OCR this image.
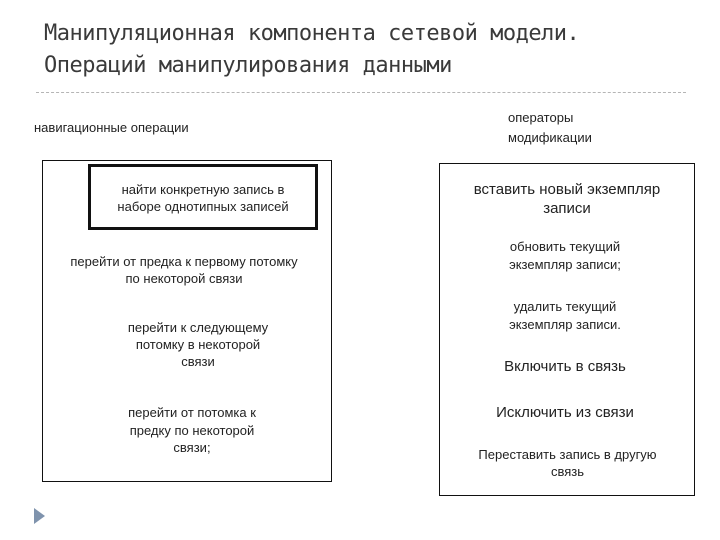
Манипуляционная компонента сетевой модели.
Операций манипулирования данными
навигационные операции
операторы
модификации
найти конкретную запись в
наборе однотипных записей
перейти от предка к первому потомку
по некоторой связи
перейти к следующему
потомку в некоторой
связи
перейти от потомка к
предку по некоторой
связи;
вставить новый экземпляр
записи
обновить текущий
экземпляр записи;
удалить текущий
экземпляр записи.
Включить в связь
Исключить из связи
Переставить запись в другую
связь
